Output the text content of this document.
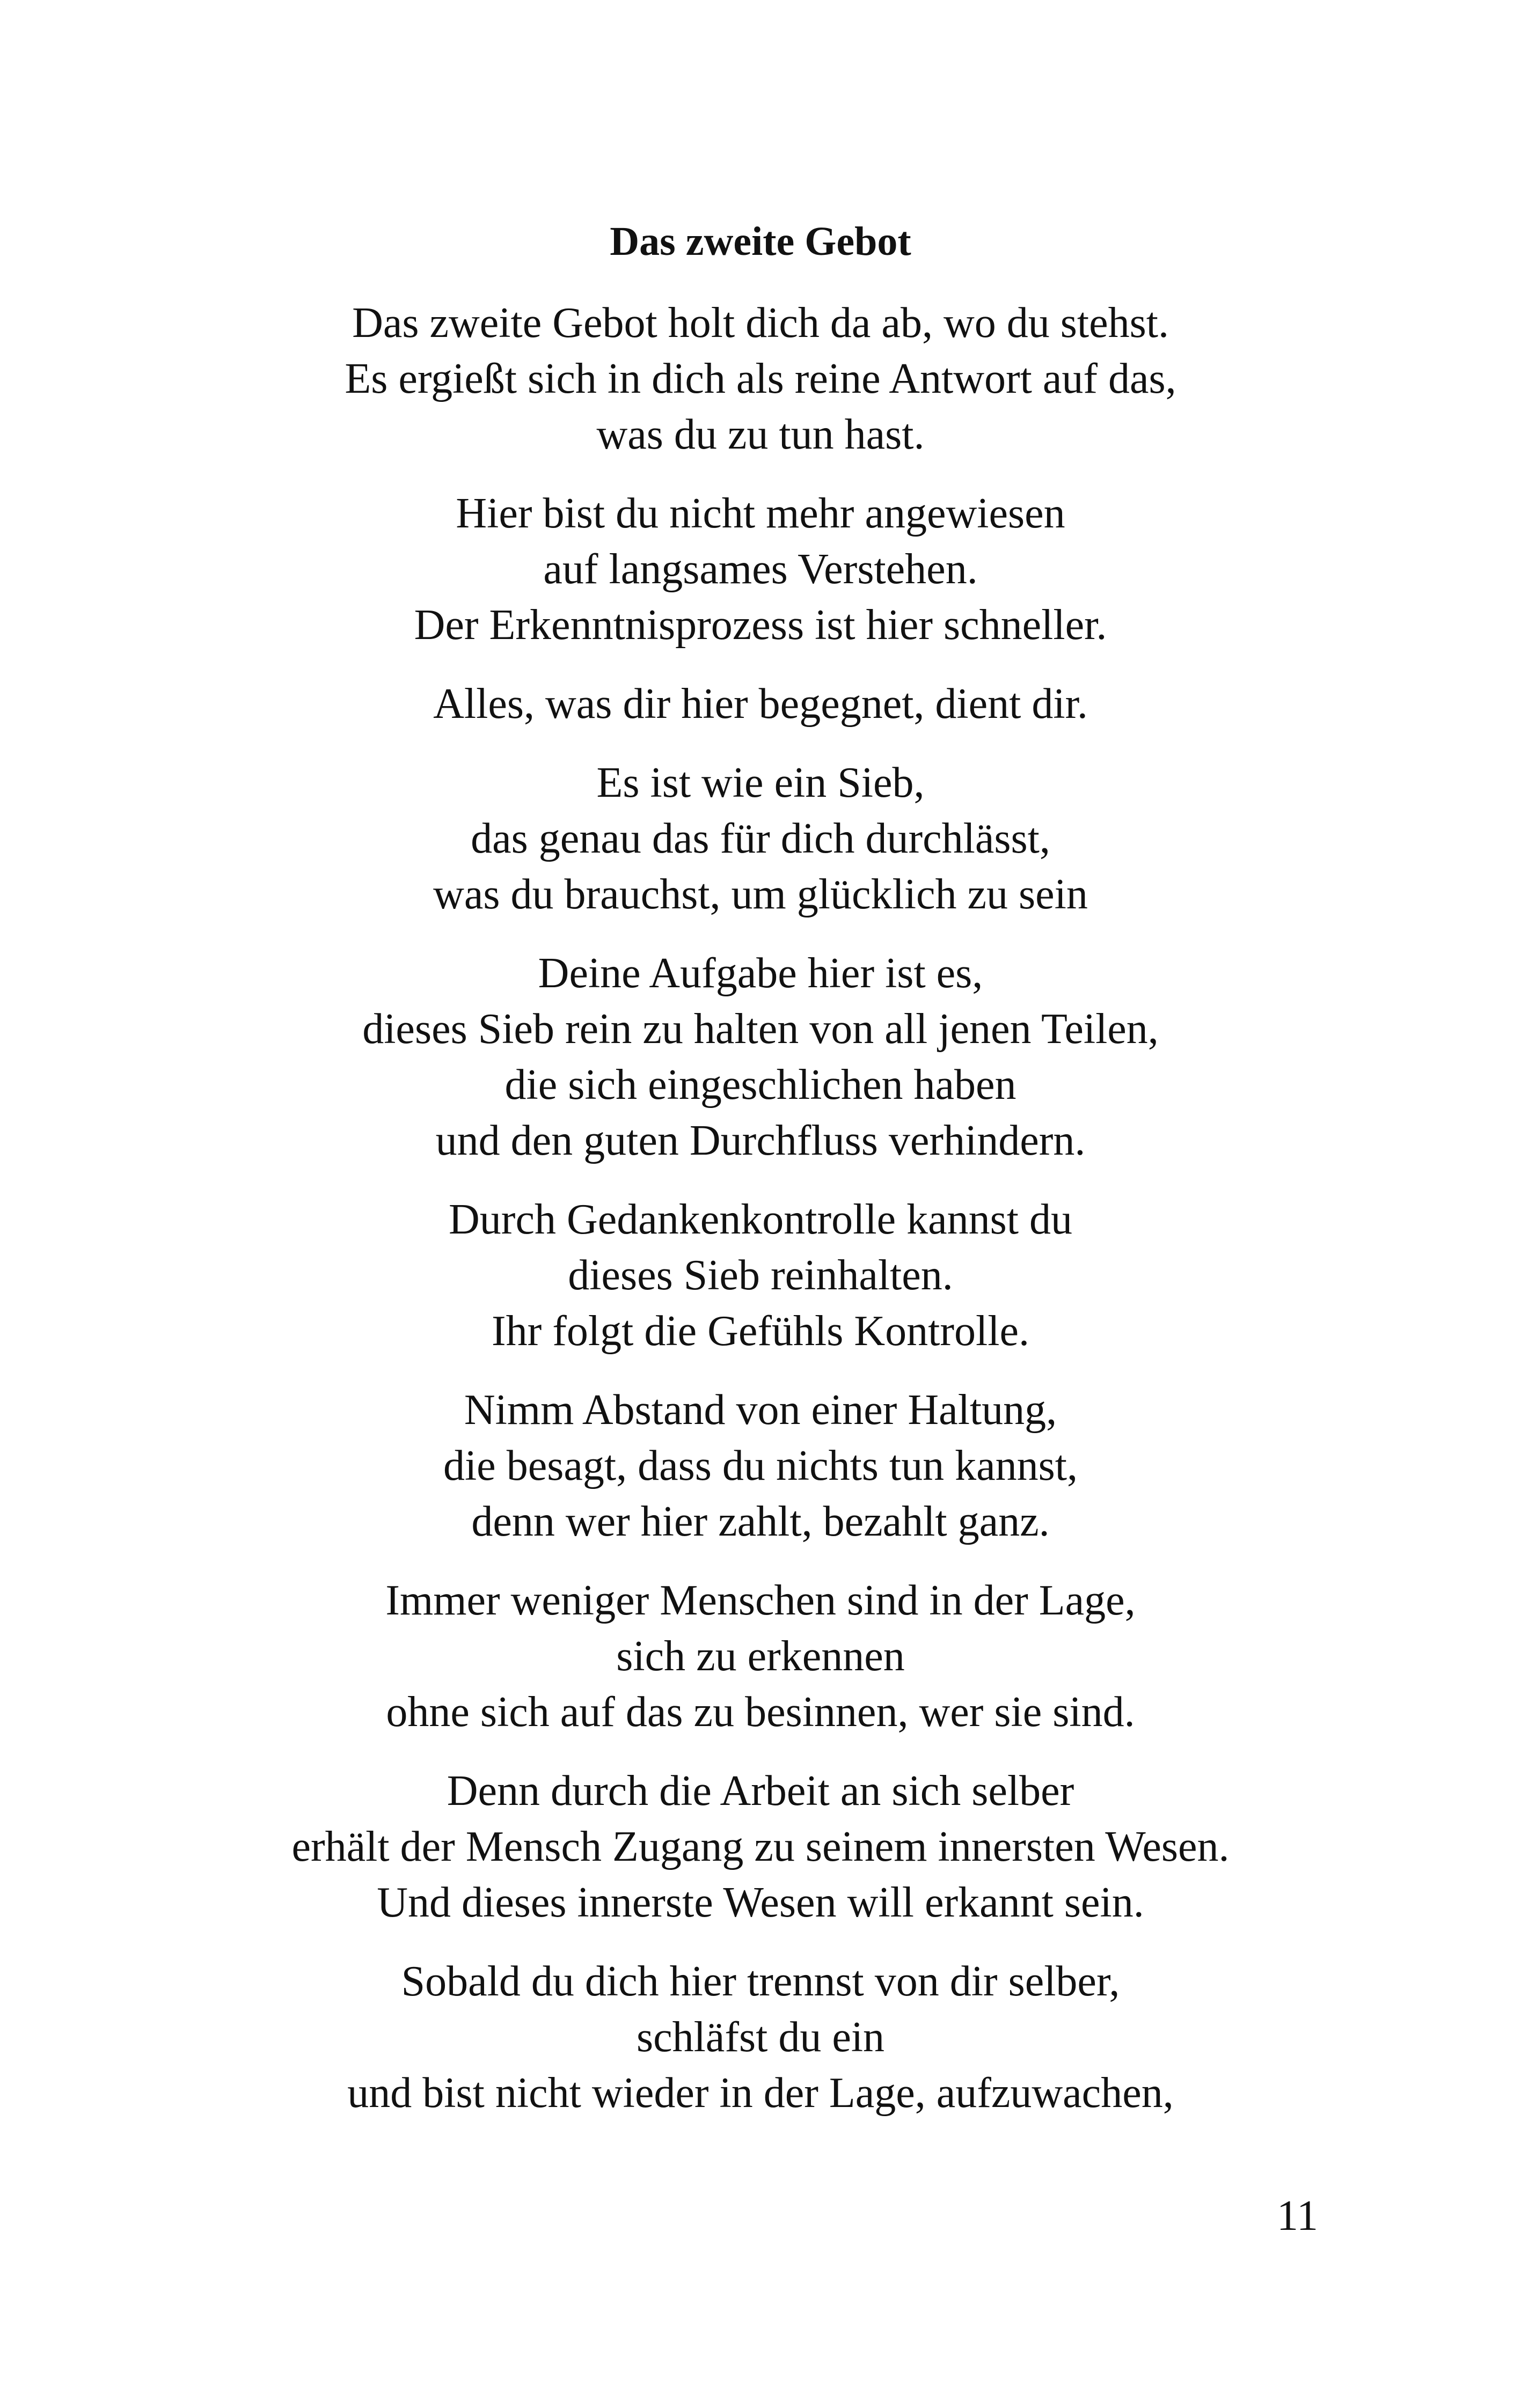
Das zweite Gebot

Das zweite Gebot holt dich da ab, wo du stehst.
Es ergießt sich in dich als reine Antwort auf das,
was du zu tun hast.

Hier bist du nicht mehr angewiesen
auf langsames Verstehen.
Der Erkenntnisprozess ist hier schneller.

Alles, was dir hier begegnet, dient dir.

Es ist wie ein Sieb,
das genau das für dich durchlässt,
was du brauchst, um glücklich zu sein

Deine Aufgabe hier ist es,
dieses Sieb rein zu halten von all jenen Teilen,
die sich eingeschlichen haben
und den guten Durchfluss verhindern.

Durch Gedankenkontrolle kannst du
dieses Sieb reinhalten.
Ihr folgt die Gefühls Kontrolle.

Nimm Abstand von einer Haltung,
die besagt, dass du nichts tun kannst,
denn wer hier zahlt, bezahlt ganz.

Immer weniger Menschen sind in der Lage,
sich zu erkennen
ohne sich auf das zu besinnen, wer sie sind.

Denn durch die Arbeit an sich selber
erhält der Mensch Zugang zu seinem innersten Wesen.
Und dieses innerste Wesen will erkannt sein.

Sobald du dich hier trennst von dir selber,
schläfst du ein
und bist nicht wieder in der Lage, aufzuwachen,

11
